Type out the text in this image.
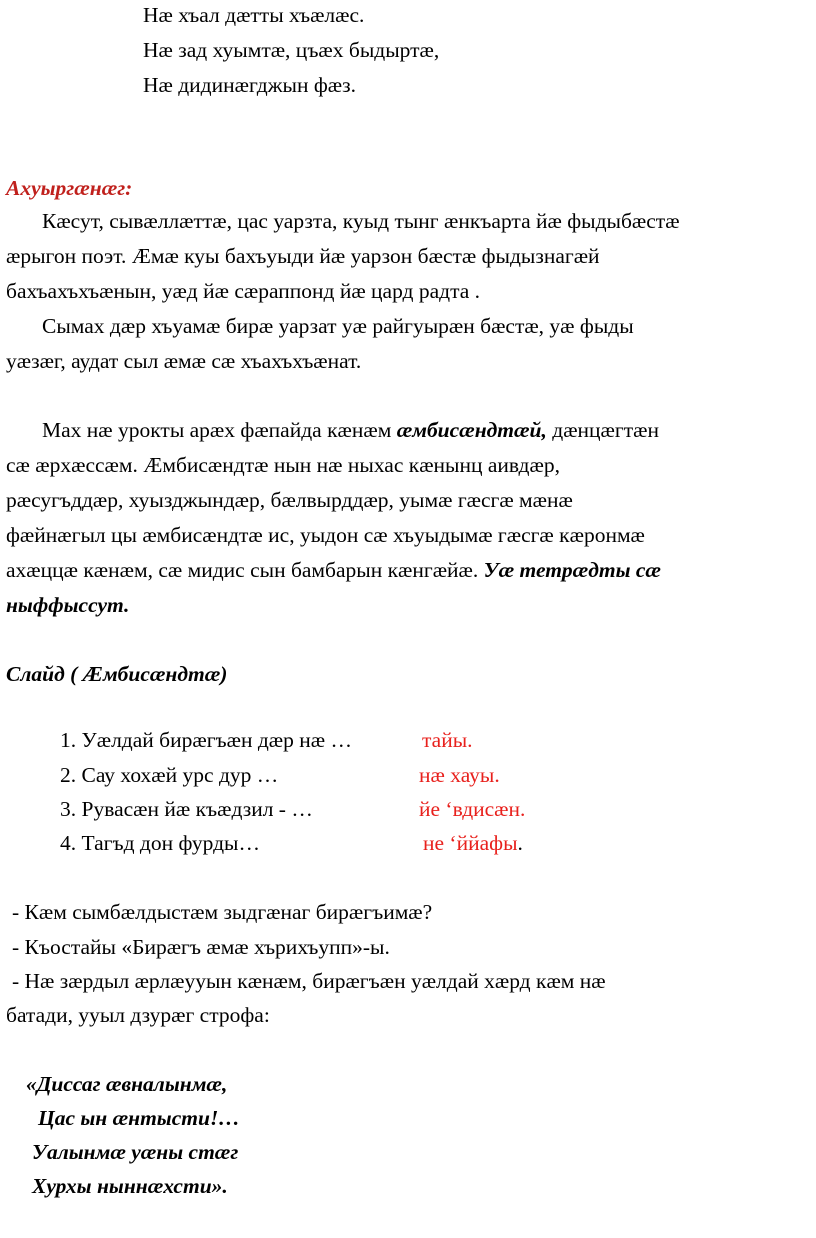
Нæ хъал дæтты хъæлæс.
Нæ зад хуымтæ, цъæх быдыртæ,
Нæ дидинæгджын фæз.
Ахуыргæнæг:
Кæсут, сывæллæттæ, цас уарзта, куыд тынг æнкъарта йæ фыдыбæстæ
æрыгон поэт. Æмæ куы бахъуыди йæ уарзон бæстæ фыдызнагæй
бахъахъхъæнын, уæд йæ сæраппонд йæ цард радта .
Сымах дæр хъуамæ бирæ уарзат уæ райгуырæн бæстæ, уæ фыды
уæзæг, аудат сыл æмæ сæ хъахъхъæнат.
Мах нæ урокты арæх фæпайда кæнæм æмбисæндтæй, дæнцæгтæн
сæ æрхæссæм. Æмбисæндтæ нын нæ ныхас кæнынц аивдæр,
рæсугъддæр, хуызджындæр, бæлвырддæр, уымæ гæсгæ мæнæ
фæйнæгыл цы æмбисæндтæ ис, уыдон сæ хъуыдымæ гæсгæ кæронмæ
ахæццæ кæнæм, сæ мидис сын бамбарын кæнгæйæ. Уæ тетрæдты сæ
ныффыссут.
Слайд ( Æмбисæндтæ)
1. Уæлдай бирæгъæн дæр нæ …	тайы.
2. Сау хохæй урс дур …	нæ хауы.
3. Рувасæн йæ къæдзил - …	йе ‘вдисæн.
4. Тагъд дон фурды…	не ‘ййафы.
- Кæм сымбæлдыстæм зыдгæнаг бирæгъимæ?
- Къостайы «Бирæгъ æмæ хърихъупп»-ы.
- Нæ зæрдыл æрлæууын кæнæм, бирæгъæн уæлдай хæрд кæм нæ
батади, ууыл дзурæг строфа:
«Диссаг æвналынмæ,
Цас ын æнтысти!…
Уалынмæ уæны стæг
Хурхы ныннæхсти».
